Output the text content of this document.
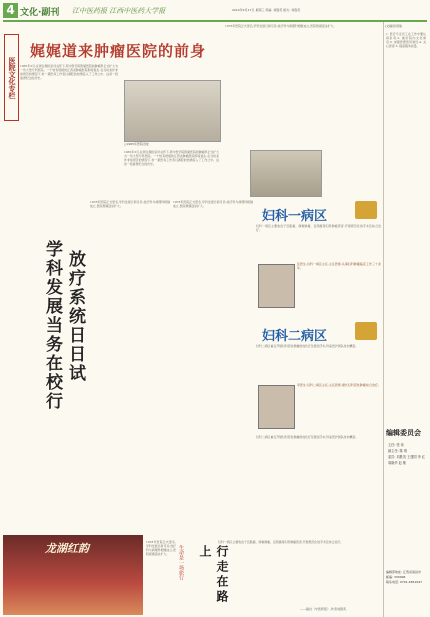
4 文化·副刊 江中医药报 江西中医药大学报	2014年9月17日 星期三 责编: 刘胜英 版式: 刘胜英
(文稿是何锦)
医院文化专栏
娓娓道来肿瘤医院的前身
1965年3月,在周总理的亲切关怀下,原中医学院附属医院的肿瘤科正式扩大为一所大型专科医院。一个较有规模的江西省肿瘤医院即将诞生,在当时条件非常艰苦的情况下,老一辈医务工作者以满腔的热情投入了工作之中。这是一段值得纪念的历史。
△1965年医院旧址
1965年3月,在周总理的亲切关怀下,原中医学院附属医院的肿瘤科正式扩大为一所大型专科医院。一个较有规模的江西省肿瘤医院即将诞生,在当时条件非常艰苦的情况下,老一辈医务工作者以满腔的热情投入了工作之中。这是一段值得纪念的历史。
1978年医院正式更名,学科发展日新月异,放疗科与病理科相继成立,医院规模逐步扩大。
学科发展当务在校行 放疗系统日日试
1978年医院正式更名,学科发展日新月异,放疗科与病理科相继成立,医院规模逐步扩大。
1978年医院正式更名,学科发展日新月异,放疗科与病理科相继成立,医院规模逐步扩大。
妇科一病区
妇科一病区主要收治子宫肌瘤、卵巢肿瘤、宫颈癌等妇科肿瘤患者,开展规范化的手术及综合治疗。
张医生,妇科一病区主任,主任医师,从事妇科肿瘤临床工作三十余年。
妇科二病区
妇科二病区重点开展妇科恶性肿瘤的放化疗及微创手术,科室医护团队技术精湛。
李医生,妇科二病区主任,主任医师,擅长妇科恶性肿瘤综合治疗。
妇科二病区重点开展妇科恶性肿瘤的放化疗及微创手术,科室医护团队技术精湛。
1. 医疗专业员工在工作中要认真负责,2. 做好院内文化建设,3. 加强医德医风建设,4. 关心患者,5. 提高服务质量。
编辑委员会
主任: 张 伟
副主任: 陈 明
委员: 刘胜英 王建国 李 红 周晓华 赵 敏
编辑部地址: 江西省南昌市
邮编: 330006
联系电话: 0791-4651647
龙湖红韵	行走在路上
生命是一场旅行
1978年医院正式更名,学科发展日新月异,放疗科与病理科相继成立,医院规模逐步扩大。
妇科一病区主要收治子宫肌瘤、卵巢肿瘤、宫颈癌等妇科肿瘤患者,开展规范化的手术及综合治疗。
——摘自《中医药报》,作者刘胜英
